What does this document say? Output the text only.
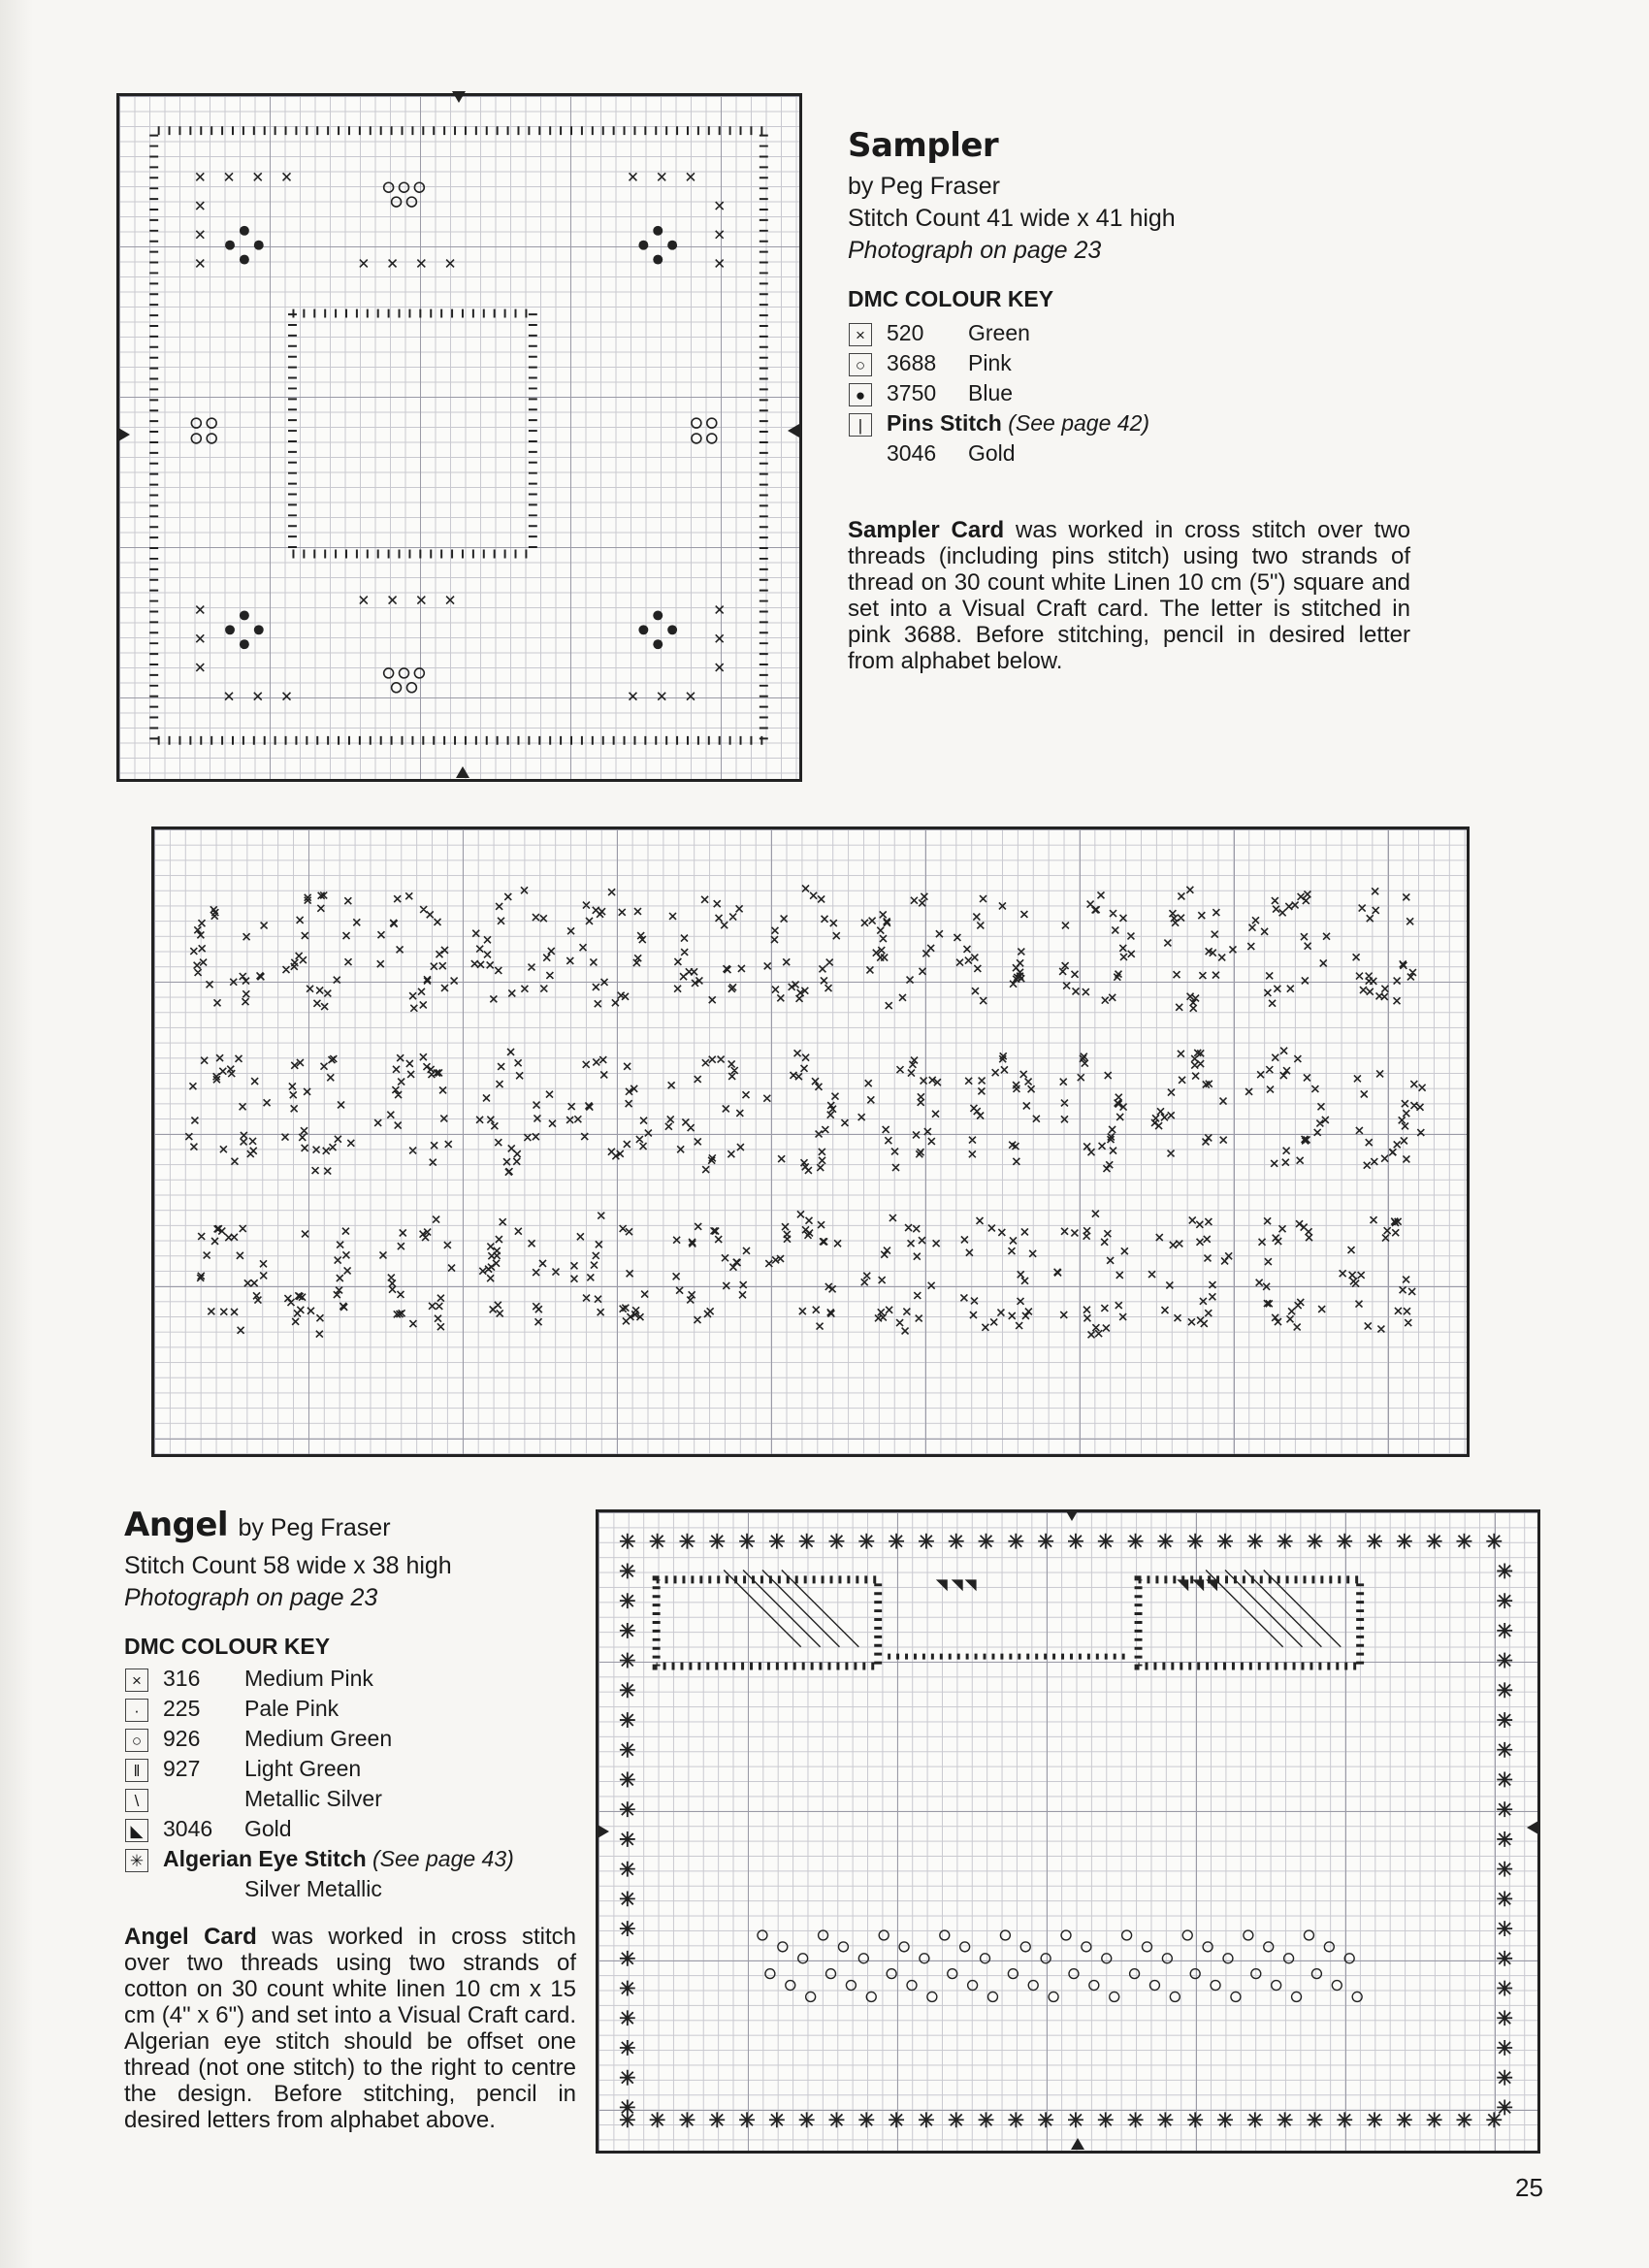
Sampler
by Peg Fraser
Stitch Count 41 wide x 41 high
Photograph on page 23
DMC COLOUR KEY
×	520	Green
○	3688	Pink
●	3750	Blue
|	Pins Stitch (See page 42)	
	3046	Gold

Sampler Card was worked in cross stitch over two threads (including pins stitch) using two strands of thread on 30 count white Linen 10 cm (5") square and set into a Visual Craft card. The letter is stitched in pink 3688. Before stitching, pencil in desired letter from alphabet below.

Angel by Peg Fraser
Stitch Count 58 wide x 38 high
Photograph on page 23
DMC COLOUR KEY
×	316	Medium Pink
·	225	Pale Pink
○	926	Medium Green
‖	927	Light Green
\		Metallic Silver
◣	3046	Gold
✳	Algerian Eye Stitch (See page 43)	
		Silver Metallic

Angel Card was worked in cross stitch over two threads using two strands of cotton on 30 count white linen 10 cm x 15 cm (4" x 6") and set into a Visual Craft card. Algerian eye stitch should be offset one thread (not one stitch) to the right to centre the design. Before stitching, pencil in desired letters from alphabet above.

25
